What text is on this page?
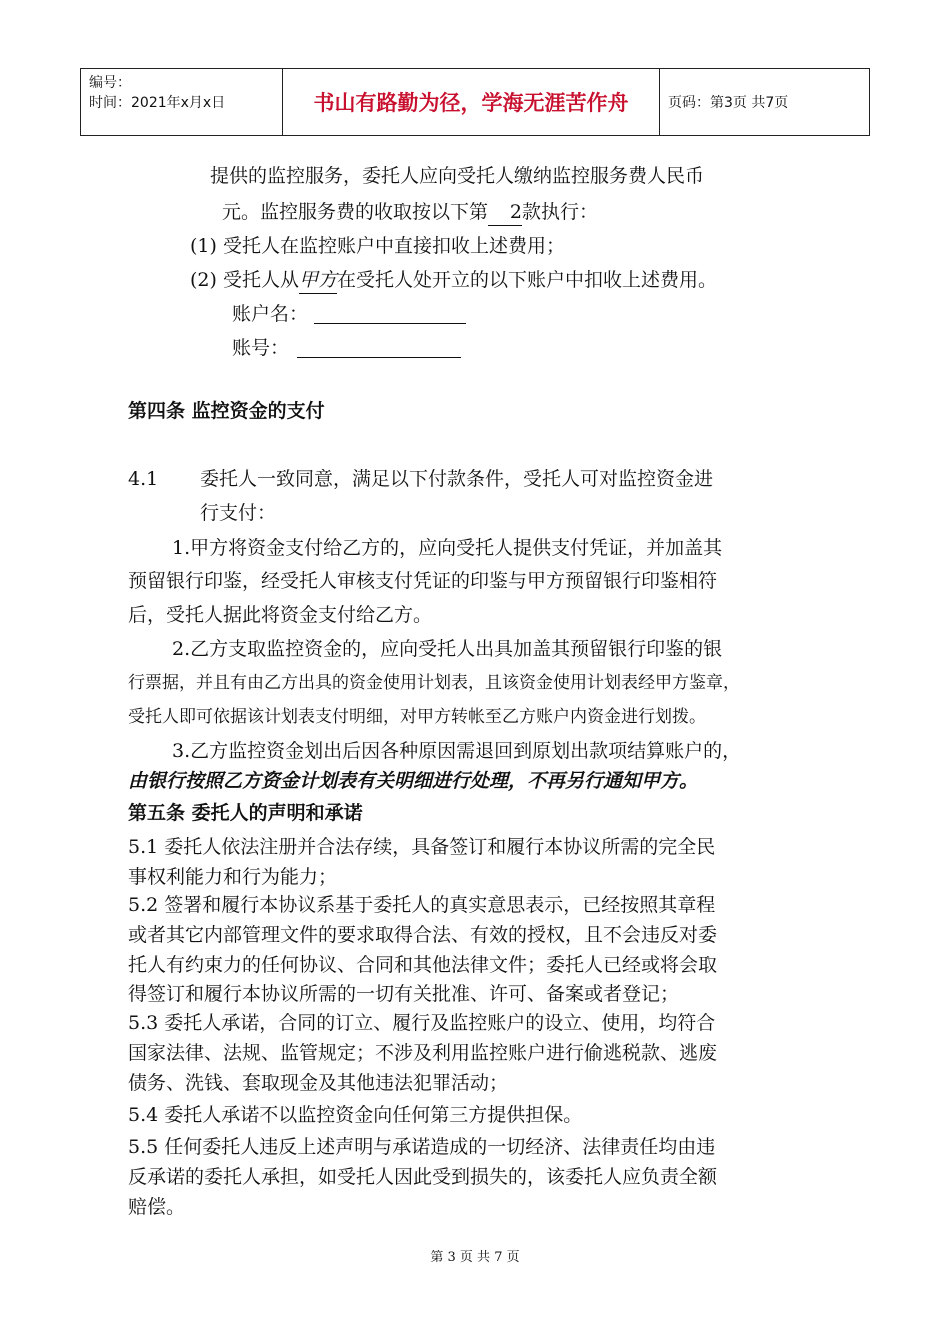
编号：
时间：2021年x月x日	书山有路勤为径，学海无涯苦作舟	页码：第3页 共7页
提供的监控服务，委托人应向受托人缴纳监控服务费人民币
元。监控服务费的收取按以下第 2款执行：
(1) 受托人在监控账户中直接扣收上述费用；
(2) 受托人从甲方在受托人处开立的以下账户中扣收上述费用。
账户名：
账号：
第四条 监控资金的支付
4.1 委托人一致同意，满足以下付款条件，受托人可对监控资金进
行支付：
1.甲方将资金支付给乙方的，应向受托人提供支付凭证，并加盖其
预留银行印鉴，经受托人审核支付凭证的印鉴与甲方预留银行印鉴相符
后，受托人据此将资金支付给乙方。
2.乙方支取监控资金的，应向受托人出具加盖其预留银行印鉴的银
行票据，并且有由乙方出具的资金使用计划表，且该资金使用计划表经甲方鉴章，
受托人即可依据该计划表支付明细，对甲方转帐至乙方账户内资金进行划拨。
3.乙方监控资金划出后因各种原因需退回到原划出款项结算账户的，
由银行按照乙方资金计划表有关明细进行处理，不再另行通知甲方。
第五条 委托人的声明和承诺
5.1 委托人依法注册并合法存续，具备签订和履行本协议所需的完全民
事权利能力和行为能力；
5.2 签署和履行本协议系基于委托人的真实意思表示，已经按照其章程
或者其它内部管理文件的要求取得合法、有效的授权，且不会违反对委
托人有约束力的任何协议、合同和其他法律文件；委托人已经或将会取
得签订和履行本协议所需的一切有关批准、许可、备案或者登记；
5.3 委托人承诺，合同的订立、履行及监控账户的设立、使用，均符合
国家法律、法规、监管规定；不涉及利用监控账户进行偷逃税款、逃废
债务、洗钱、套取现金及其他违法犯罪活动；
5.4 委托人承诺不以监控资金向任何第三方提供担保。
5.5 任何委托人违反上述声明与承诺造成的一切经济、法律责任均由违
反承诺的委托人承担，如受托人因此受到损失的，该委托人应负责全额
赔偿。
第 3 页 共 7 页
